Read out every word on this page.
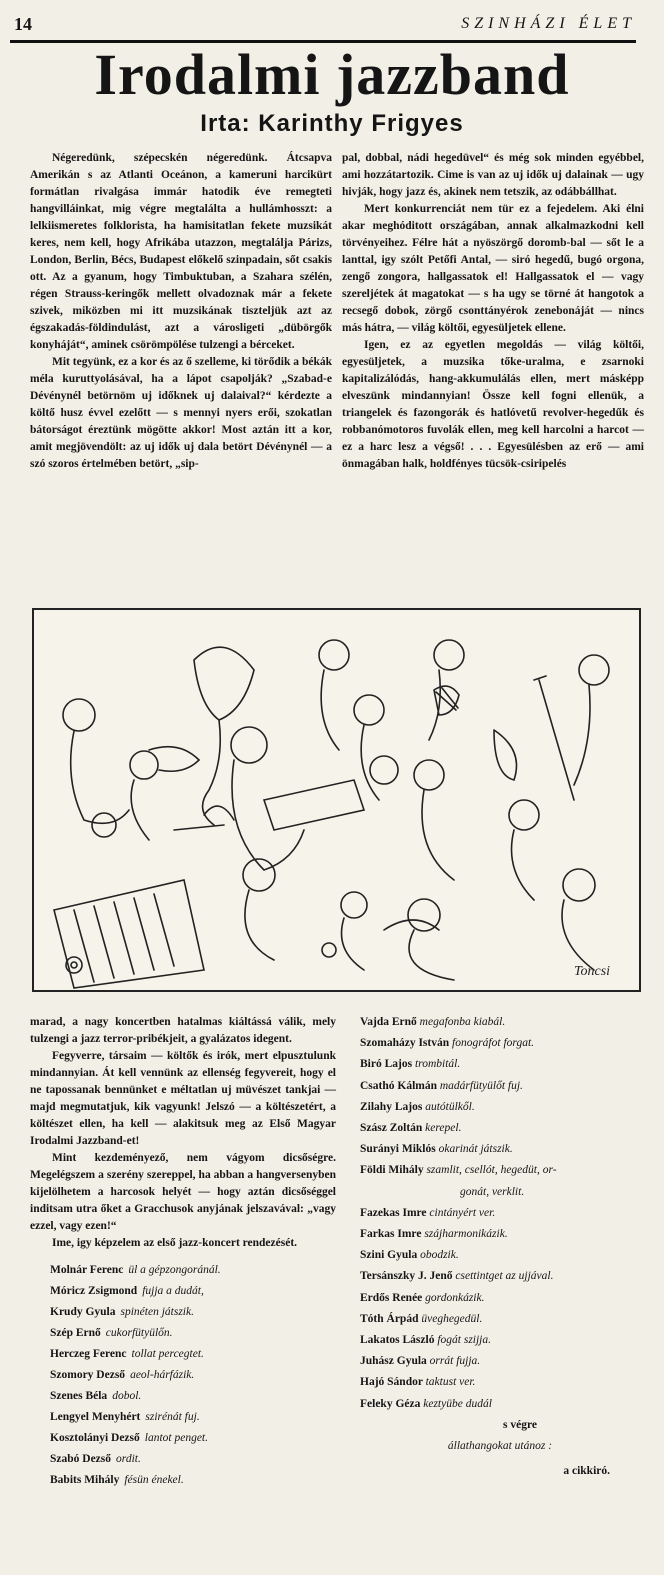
14	SZINHÁZI ÉLET
Irodalmi jazzband
Irta: Karinthy Frigyes

Négeredünk, szépecskén négeredünk. Átcsapva Amerikán s az Atlanti Oceánon, a kameruni harcikürt formátlan rivalgása immár hatodik éve remegteti hangvilláinkat, mig végre megtalálta a hullámhosszt: a lelkiismeretes folklorista, ha hamisitatlan fekete muzsikát keres, nem kell, hogy Afrikába utazzon, megtalálja Párizs, London, Berlin, Bécs, Budapest előkelő szinpadain, sőt csakis ott. Az a gyanum, hogy Timbuktuban, a Szahara szélén, régen Strauss-keringők mellett olvadoznak már a fekete szivek, miközben mi itt muzsikának tiszteljük azt az égszakadás-földindulást, azt a városligeti „dübörgők konyháját“, aminek csörömpölése tulzengi a bérceket.

Mit tegyünk, ez a kor és az ő szelleme, ki törődik a békák méla kuruttyolásával, ha a lápot csapolják? „Szabad-e Dévénynél betörnöm uj időknek uj dalaival?“ kérdezte a költő husz évvel ezelőtt — s mennyi nyers erői, szokatlan bátorságot éreztünk mögötte akkor! Most aztán itt a kor, amit megjövendölt: az uj idők uj dala betört Dévénynél — a szó szoros értelmében betört, „sip-

pal, dobbal, nádi hegedüvel“ és még sok minden egyébbel, ami hozzátartozik. Cime is van az uj idők uj dalainak — ugy hivják, hogy jazz és, akinek nem tetszik, az odábbállhat.

Mert konkurrenciát nem tür ez a fejedelem. Aki élni akar meghóditott országában, annak alkalmazkodni kell törvényeihez. Félre hát a nyöszörgő doromb-bal — sőt le a lanttal, igy szólt Petőfi Antal, — siró hegedű, bugó orgona, zengő zongora, hallgassatok el! Hallgassatok el — vagy szereljétek át magatokat — s ha ugy se törné át hangotok a recsegő dobok, zörgő csonttányérok zenebonáját — nincs más hátra, — világ költői, egyesüljetek ellene.

Igen, ez az egyetlen megoldás — világ költői, egyesüljetek, a muzsika tőke-uralma, e zsarnoki kapitalizálódás, hang-akkumulálás ellen, mert másképp elveszünk mindannyian! Össze kell fogni ellenük, a triangelek és fazongorák és hatlóvetű revolver-hegedűk és robbanómotoros fuvolák ellen, meg kell harcolni a harcot — ez a harc lesz a végső! . . . Egyesülésben az erő — ami önmagában halk, holdfényes tücsök-csiripelés

Toncsi

marad, a nagy koncertben hatalmas kiáltássá válik, mely tulzengi a jazz terror-pribékjeit, a gyalázatos idegent.

Fegyverre, társaim — költők és irók, mert elpusztulunk mindannyian. Át kell vennünk az ellenség fegyvereit, hogy el ne tapossanak bennünket e méltatlan uj müvészet tankjai — majd megmutatjuk, kik vagyunk! Jelszó — a költészetért, a költészet ellen, ha kell — alakitsuk meg az Első Magyar Irodalmi Jazzband-et!

Mint kezdeményező, nem vágyom dicsőségre. Megelégszem a szerény szereppel, ha abban a hangversenyben kijelölhetem a harcosok helyét — hogy aztán dicsőséggel inditsam utra őket a Gracchusok anyjának jelszavával: „vagy ezzel, vagy ezen!“

Ime, igy képzelem az első jazz-koncert rendezését.

Molnár Ferenc ül a gépzongoránál.
Móricz Zsigmond fujja a dudát,
Krudy Gyula spinéten játszik.
Szép Ernő cukorfütyülőn.
Herczeg Ferenc tollat percegtet.
Szomory Dezső aeol-hárfázik.
Szenes Béla dobol.
Lengyel Menyhért szirénát fuj.
Kosztolányi Dezső lantot penget.
Szabó Dezső ordit.
Babits Mihály fésün énekel.
Vajda Ernő megafonba kiabál.
Szomaházy István fonográfot forgat.
Biró Lajos trombitál.
Csathó Kálmán madárfütyülőt fuj.
Zilahy Lajos autótülkől.
Szász Zoltán kerepel.
Surányi Miklós okarinát játszik.
Földi Mihály szamlit, csellót, hegedüt, or-
gonát, verklit.
Fazekas Imre cintányért ver.
Farkas Imre szájharmonikázik.
Szini Gyula obodzik.
Tersánszky J. Jenő csettintget az ujjával.
Erdős Renée gordonkázik.
Tóth Árpád üveghegedül.
Lakatos László fogát szijja.
Juhász Gyula orrát fujja.
Hajó Sándor taktust ver.
Feleky Géza keztyübe dudál
s végre
állathangokat utánoz :
a cikkiró.
